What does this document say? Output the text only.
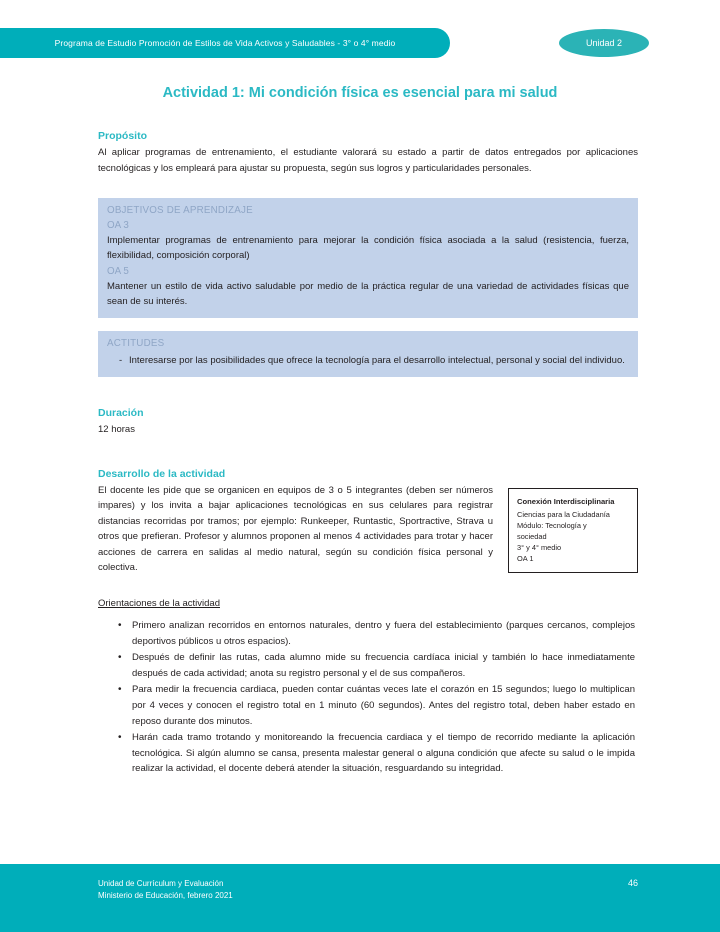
Programa de Estudio Promoción de Estilos de Vida Activos y Saludables - 3° o 4° medio	Unidad 2
Actividad 1: Mi condición física es esencial para mi salud
Propósito

Al aplicar programas de entrenamiento, el estudiante valorará su estado a partir de datos entregados por aplicaciones tecnológicas y los empleará para ajustar su propuesta, según sus logros y particularidades personales.

OBJETIVOS DE APRENDIZAJE
OA 3

Implementar programas de entrenamiento para mejorar la condición física asociada a la salud (resistencia, fuerza, flexibilidad, composición corporal)

OA 5

Mantener un estilo de vida activo saludable por medio de la práctica regular de una variedad de actividades físicas que sean de su interés.

ACTITUDES
- Interesarse por las posibilidades que ofrece la tecnología para el desarrollo intelectual, personal y social del individuo.
Duración

12 horas

Desarrollo de la actividad

El docente les pide que se organicen en equipos de 3 o 5 integrantes (deben ser números impares) y los invita a bajar aplicaciones tecnológicas en sus celulares para registrar distancias recorridas por tramos; por ejemplo: Runkeeper, Runtastic, Sportractive, Strava u otros que prefieran. Profesor y alumnos proponen al menos 4 actividades para trotar y hacer acciones de carrera en salidas al medio natural, según su condición física personal y colectiva.

Conexión Interdisciplinaria
Ciencias para la Ciudadanía
Módulo: Tecnología y
sociedad
3° y 4° medio
OA 1
Orientaciones de la actividad
•	Primero analizan recorridos en entornos naturales, dentro y fuera del establecimiento (parques cercanos, complejos deportivos públicos u otros espacios).
•	Después de definir las rutas, cada alumno mide su frecuencia cardíaca inicial y también lo hace inmediatamente después de cada actividad; anota su registro personal y el de sus compañeros.
•	Para medir la frecuencia cardiaca, pueden contar cuántas veces late el corazón en 15 segundos; luego lo multiplican por 4 veces y conocen el registro total en 1 minuto (60 segundos). Antes del registro total, deben haber estado en reposo durante dos minutos.
•	Harán cada tramo trotando y monitoreando la frecuencia cardiaca y el tiempo de recorrido mediante la aplicación tecnológica. Si algún alumno se cansa, presenta malestar general o alguna condición que afecte su salud o le impida realizar la actividad, el docente deberá atender la situación, resguardando su integridad.
Unidad de Currículum y Evaluación
Ministerio de Educación, febrero 2021
46
